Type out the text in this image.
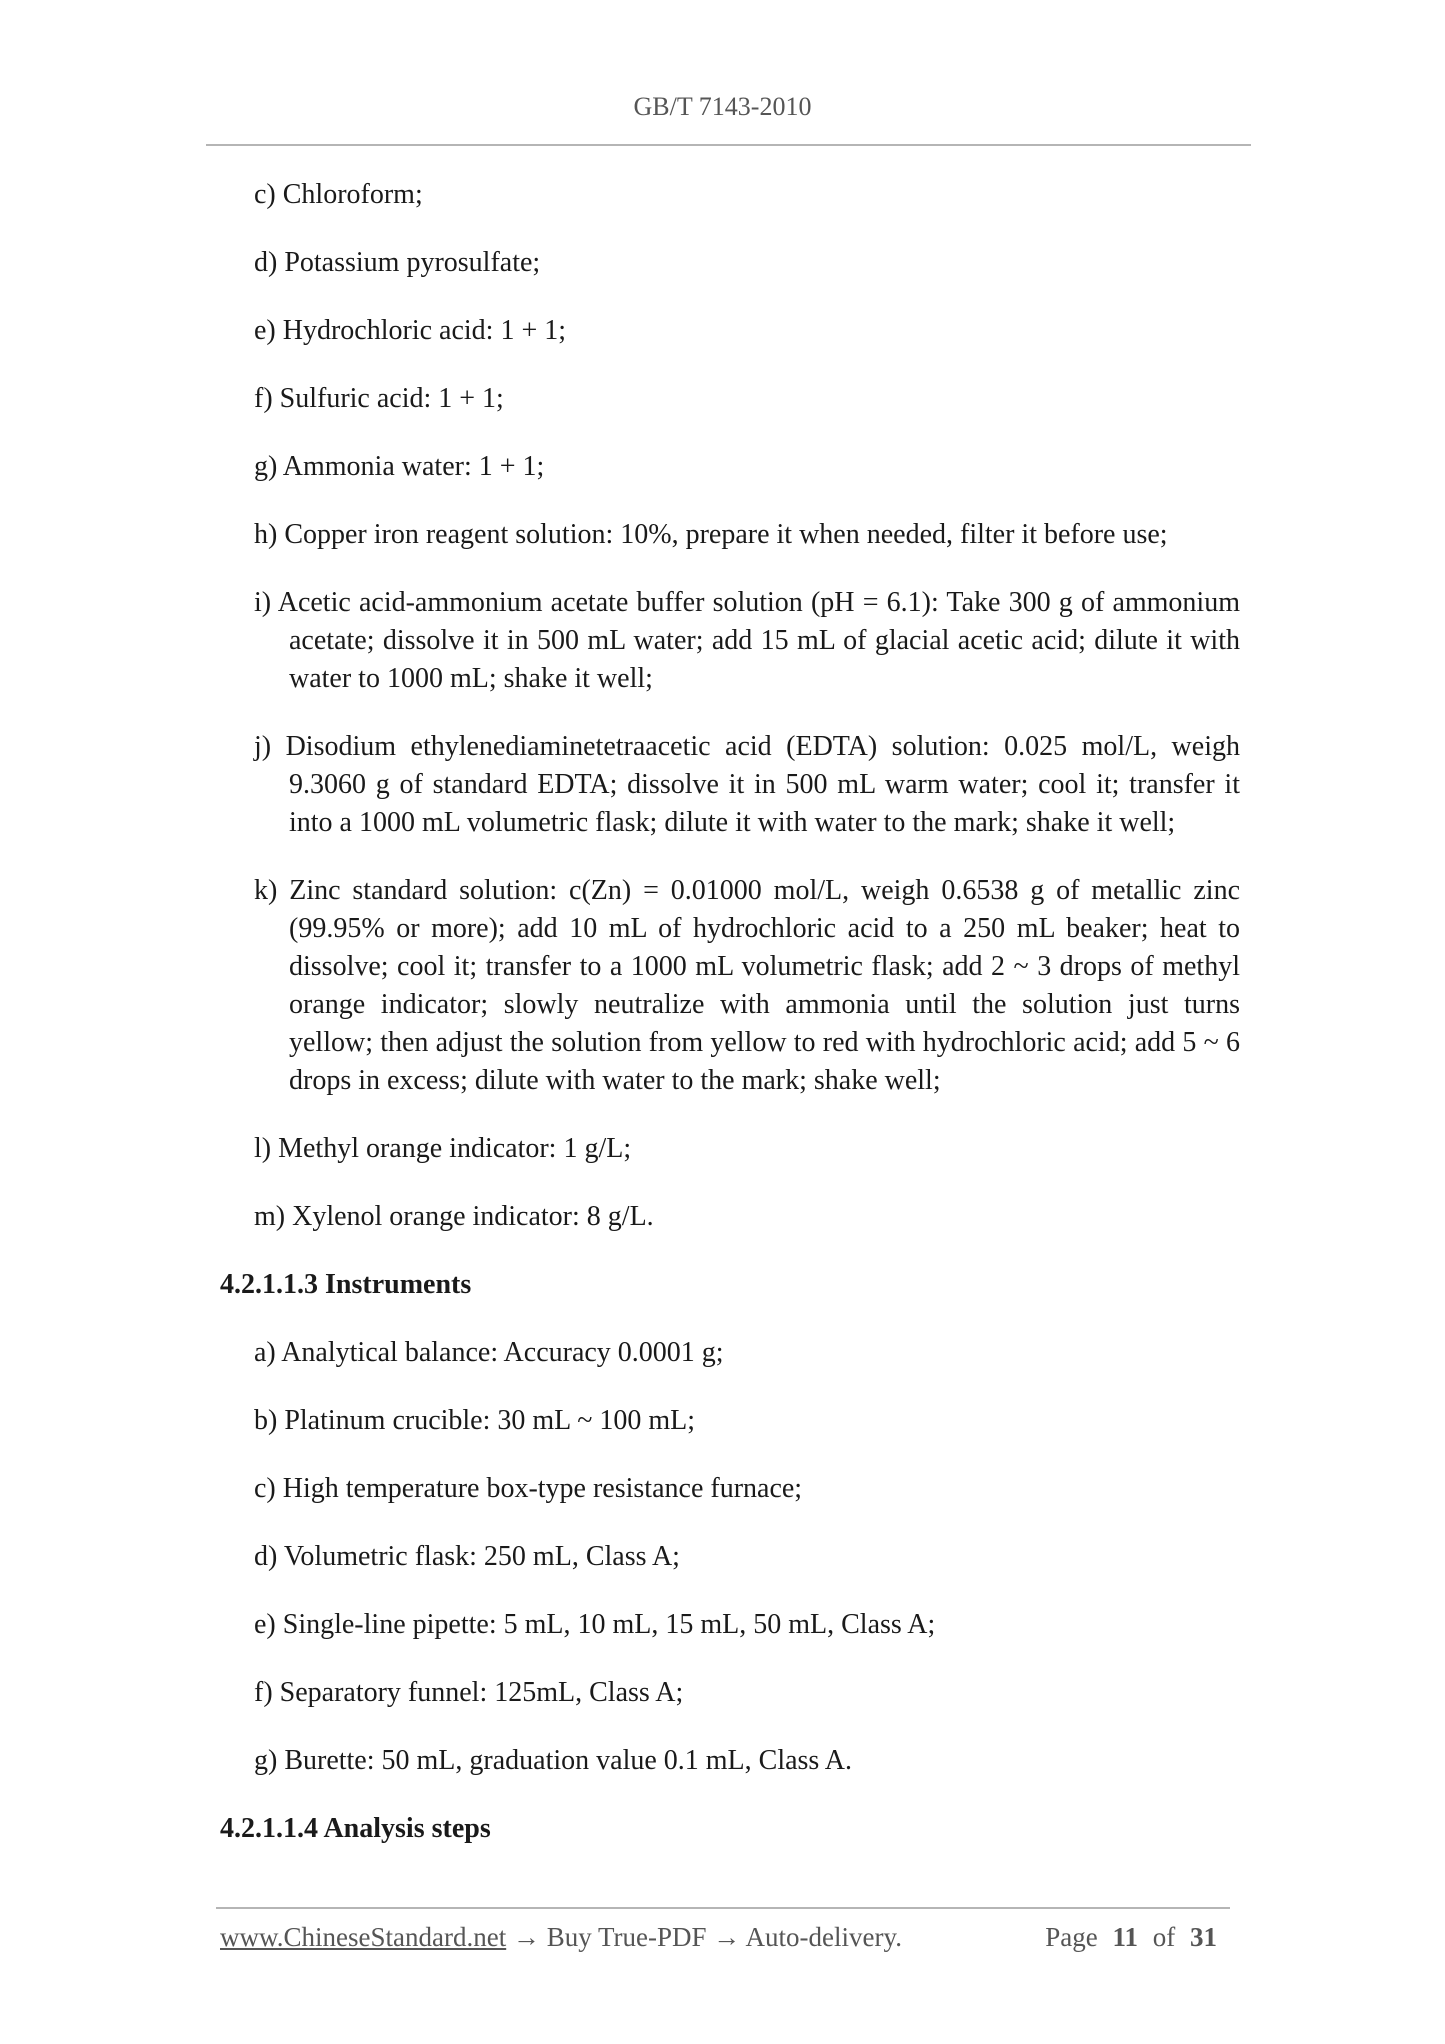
GB/T 7143-2010
c) Chloroform;
d) Potassium pyrosulfate;
e) Hydrochloric acid: 1 + 1;
f) Sulfuric acid: 1 + 1;
g) Ammonia water: 1 + 1;
h) Copper iron reagent solution: 10%, prepare it when needed, filter it before use;
i) Acetic acid-ammonium acetate buffer solution (pH = 6.1): Take 300 g of ammonium acetate; dissolve it in 500 mL water; add 15 mL of glacial acetic acid; dilute it with water to 1000 mL; shake it well;
j) Disodium ethylenediaminetetraacetic acid (EDTA) solution: 0.025 mol/L, weigh 9.3060 g of standard EDTA; dissolve it in 500 mL warm water; cool it; transfer it into a 1000 mL volumetric flask; dilute it with water to the mark; shake it well;
k) Zinc standard solution: c(Zn) = 0.01000 mol/L, weigh 0.6538 g of metallic zinc (99.95% or more); add 10 mL of hydrochloric acid to a 250 mL beaker; heat to dissolve; cool it; transfer to a 1000 mL volumetric flask; add 2 ~ 3 drops of methyl orange indicator; slowly neutralize with ammonia until the solution just turns yellow; then adjust the solution from yellow to red with hydrochloric acid; add 5 ~ 6 drops in excess; dilute with water to the mark; shake well;
l) Methyl orange indicator: 1 g/L;
m) Xylenol orange indicator: 8 g/L.
4.2.1.1.3 Instruments
a) Analytical balance: Accuracy 0.0001 g;
b) Platinum crucible: 30 mL ~ 100 mL;
c) High temperature box-type resistance furnace;
d) Volumetric flask: 250 mL, Class A;
e) Single-line pipette: 5 mL, 10 mL, 15 mL, 50 mL, Class A;
f) Separatory funnel: 125mL, Class A;
g) Burette: 50 mL, graduation value 0.1 mL, Class A.
4.2.1.1.4 Analysis steps
www.ChineseStandard.net → Buy True-PDF → Auto-delivery.	Page 11 of 31
